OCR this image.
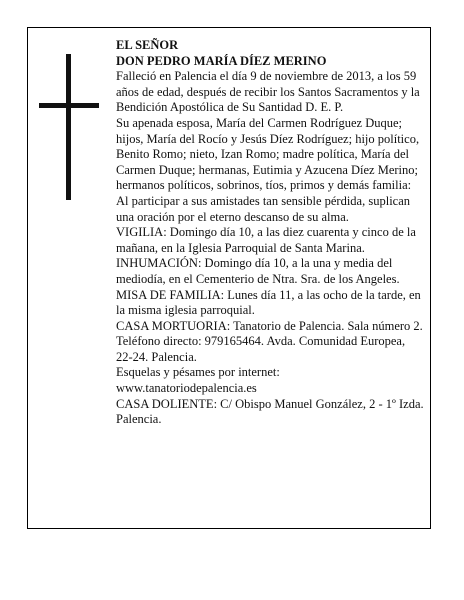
EL SEÑOR

DON PEDRO MARÍA DÍEZ MERINO

Falleció en Palencia el día 9 de noviembre de 2013, a los 59 años de edad, después de recibir los Santos Sacramentos y la Bendición Apostólica de Su Santidad D. E. P.

Su apenada esposa, María del Carmen Rodríguez Duque; hijos, María del Rocío y Jesús Díez Rodríguez; hijo político, Benito Romo; nieto, Izan Romo; madre política, María del Carmen Duque; hermanas, Eutimia y Azucena Díez Merino; hermanos políticos, sobrinos, tíos, primos y demás familia:

Al participar a sus amistades tan sensible pérdida, suplican una oración por el eterno descanso de su alma.

VIGILIA: Domingo día 10, a las diez cuarenta y cinco de la mañana, en la Iglesia Parroquial de Santa Marina.

INHUMACIÓN: Domingo día 10, a la una y media del mediodía, en el Cementerio de Ntra. Sra. de los Angeles.

MISA DE FAMILIA: Lunes día 11, a las ocho de la tarde, en la misma iglesia parroquial.

CASA MORTUORIA: Tanatorio de Palencia. Sala número 2. Teléfono directo: 979165464. Avda. Comunidad Europea, 22-24. Palencia.

Esquelas y pésames por internet:

www.tanatoriodepalencia.es

CASA DOLIENTE: C/ Obispo Manuel González, 2 - 1º Izda. Palencia.
